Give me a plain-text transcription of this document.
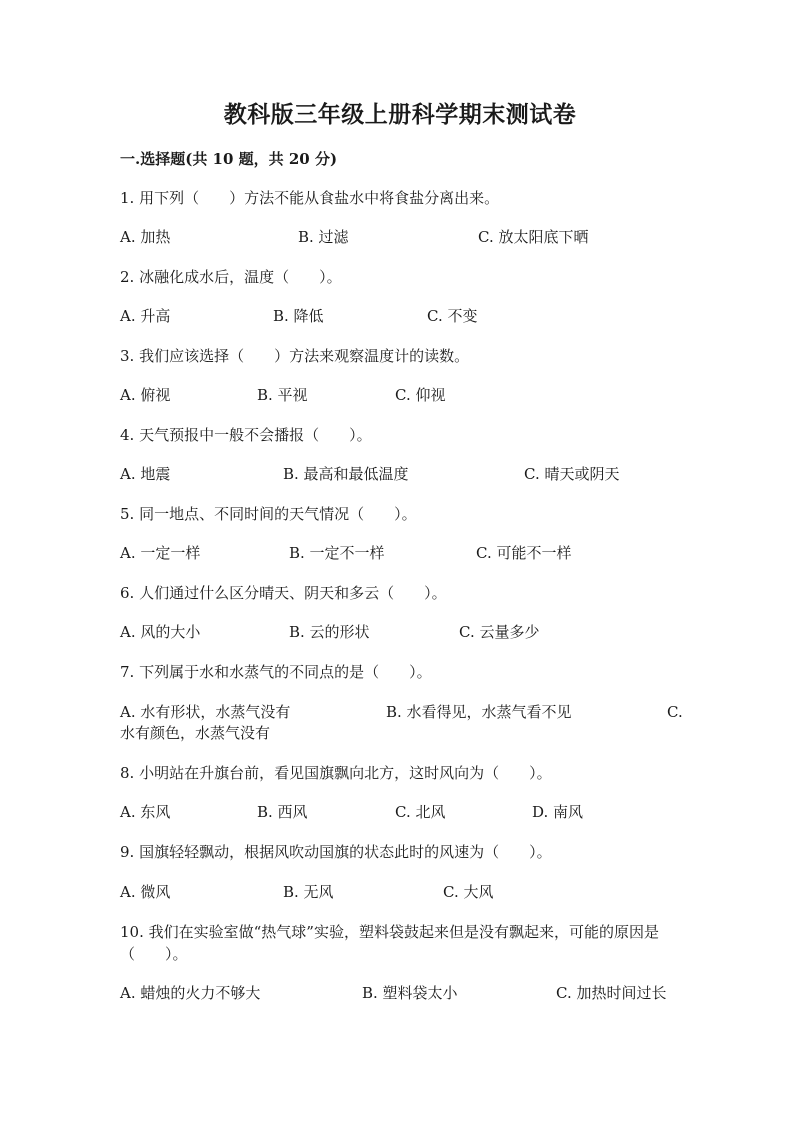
教科版三年级上册科学期末测试卷
一.选择题(共 10 题，共 20 分)
1. 用下列（　　）方法不能从食盐水中将食盐分离出来。
A. 加热	B. 过滤	C. 放太阳底下晒
2. 冰融化成水后，温度（　　）。
A. 升高	B. 降低	C. 不变
3. 我们应该选择（　　）方法来观察温度计的读数。
A. 俯视	B. 平视	C. 仰视
4. 天气预报中一般不会播报（　　）。
A. 地震	B. 最高和最低温度	C. 晴天或阴天
5. 同一地点、不同时间的天气情况（　　）。
A. 一定一样	B. 一定不一样	C. 可能不一样
6. 人们通过什么区分晴天、阴天和多云（　　）。
A. 风的大小	B. 云的形状	C. 云量多少
7. 下列属于水和水蒸气的不同点的是（　　）。
A. 水有形状，水蒸气没有	B. 水看得见，水蒸气看不见	C.
水有颜色，水蒸气没有
8. 小明站在升旗台前，看见国旗飘向北方，这时风向为（　　）。
A. 东风	B. 西风	C. 北风	D. 南风
9. 国旗轻轻飘动，根据风吹动国旗的状态此时的风速为（　　）。
A. 微风	B. 无风	C. 大风
10. 我们在实验室做“热气球”实验，塑料袋鼓起来但是没有飘起来，可能的原因是（　　）。
A. 蜡烛的火力不够大	B. 塑料袋太小	C. 加热时间过长
